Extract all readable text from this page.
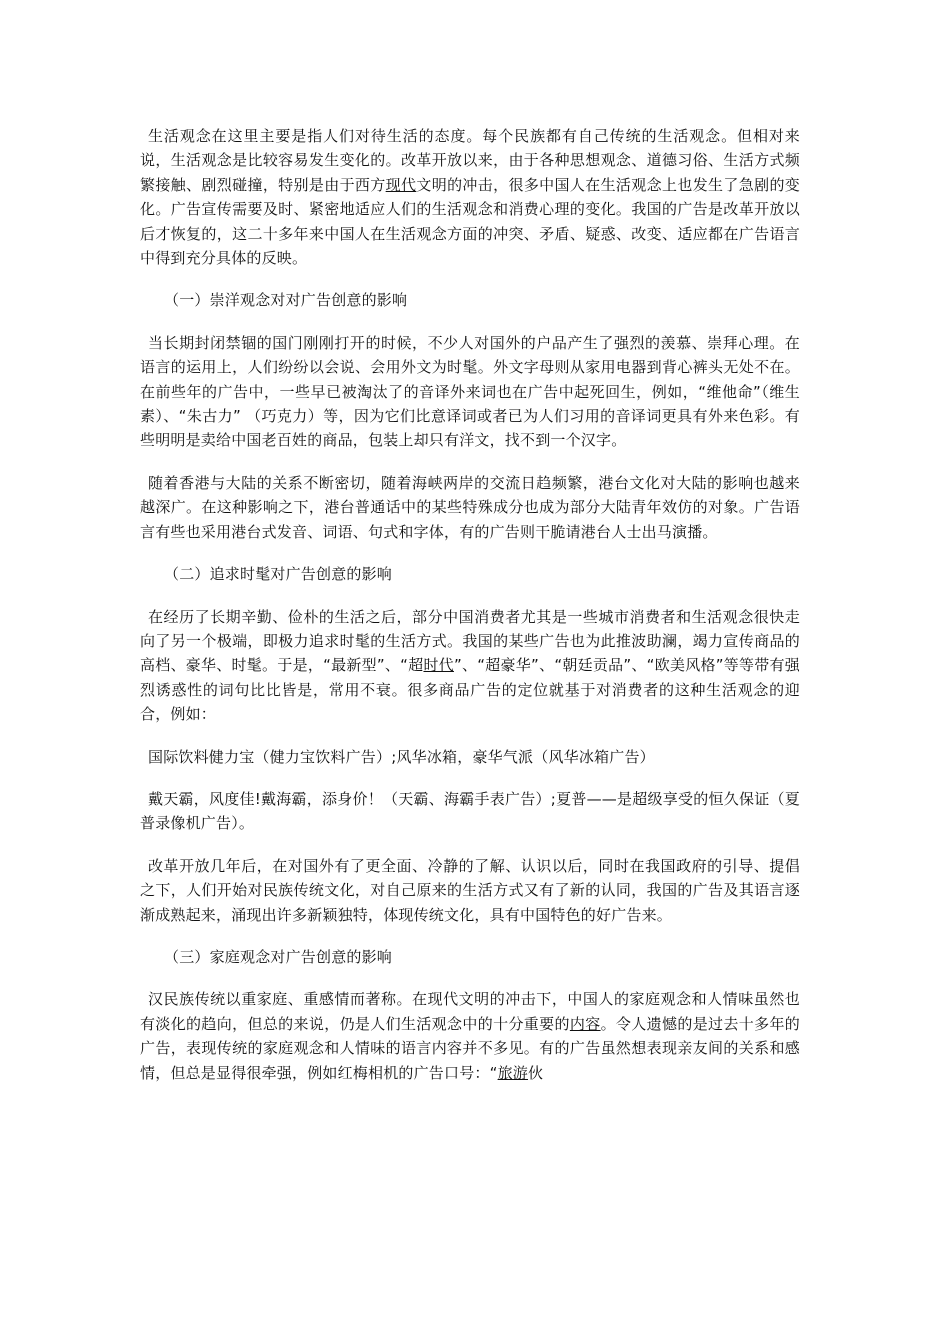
生活观念在这里主要是指人们对待生活的态度。每个民族都有自己传统的生活观念。但相对来说，生活观念是比较容易发生变化的。改革开放以来，由于各种思想观念、道德习俗、生活方式频繁接触、剧烈碰撞，特别是由于西方现代文明的冲击，很多中国人在生活观念上也发生了急剧的变化。广告宣传需要及时、紧密地适应人们的生活观念和消费心理的变化。我国的广告是改革开放以后才恢复的，这二十多年来中国人在生活观念方面的冲突、矛盾、疑惑、改变、适应都在广告语言中得到充分具体的反映。

（一）崇洋观念对对广告创意的影响

当长期封闭禁锢的国门刚刚打开的时候，不少人对国外的户品产生了强烈的羡慕、崇拜心理。在语言的运用上，人们纷纷以会说、会用外文为时髦。外文字母则从家用电器到背心裤头无处不在。在前些年的广告中，一些早已被淘汰了的音译外来词也在广告中起死回生，例如，“维他命”（维生素）、“朱古力” （巧克力）等，因为它们比意译词或者已为人们习用的音译词更具有外来色彩。有些明明是卖给中国老百姓的商品，包装上却只有洋文，找不到一个汉字。

随着香港与大陆的关系不断密切，随着海峡两岸的交流日趋频繁，港台文化对大陆的影响也越来越深广。在这种影响之下，港台普通话中的某些特殊成分也成为部分大陆青年效仿的对象。广告语言有些也采用港台式发音、词语、句式和字体，有的广告则干脆请港台人士出马演播。

（二）追求时髦对广告创意的影响

在经历了长期辛勤、俭朴的生活之后，部分中国消费者尤其是一些城市消费者和生活观念很快走向了另一个极端，即极力追求时髦的生活方式。我国的某些广告也为此推波助澜，竭力宣传商品的高档、豪华、时髦。于是，“最新型”、“超时代”、“超豪华”、“朝廷贡品”、“欧美风格”等等带有强烈诱惑性的词句比比皆是，常用不衰。很多商品广告的定位就基于对消费者的这种生活观念的迎合，例如：

国际饮料健力宝（健力宝饮料广告）;风华冰箱，豪华气派（风华冰箱广告）

戴天霸，风度佳!戴海霸，添身价！（天霸、海霸手表广告）;夏普——是超级享受的恒久保证（夏普录像机广告）。

改革开放几年后，在对国外有了更全面、冷静的了解、认识以后，同时在我国政府的引导、提倡之下，人们开始对民族传统文化，对自己原来的生活方式又有了新的认同，我国的广告及其语言逐渐成熟起来，涌现出许多新颖独特，体现传统文化，具有中国特色的好广告来。

（三）家庭观念对广告创意的影响

汉民族传统以重家庭、重感情而著称。在现代文明的冲击下，中国人的家庭观念和人情味虽然也有淡化的趋向，但总的来说，仍是人们生活观念中的十分重要的内容。令人遗憾的是过去十多年的广告，表现传统的家庭观念和人情味的语言内容并不多见。有的广告虽然想表现亲友间的关系和感情，但总是显得很牵强，例如红梅相机的广告口号：“旅游伙
